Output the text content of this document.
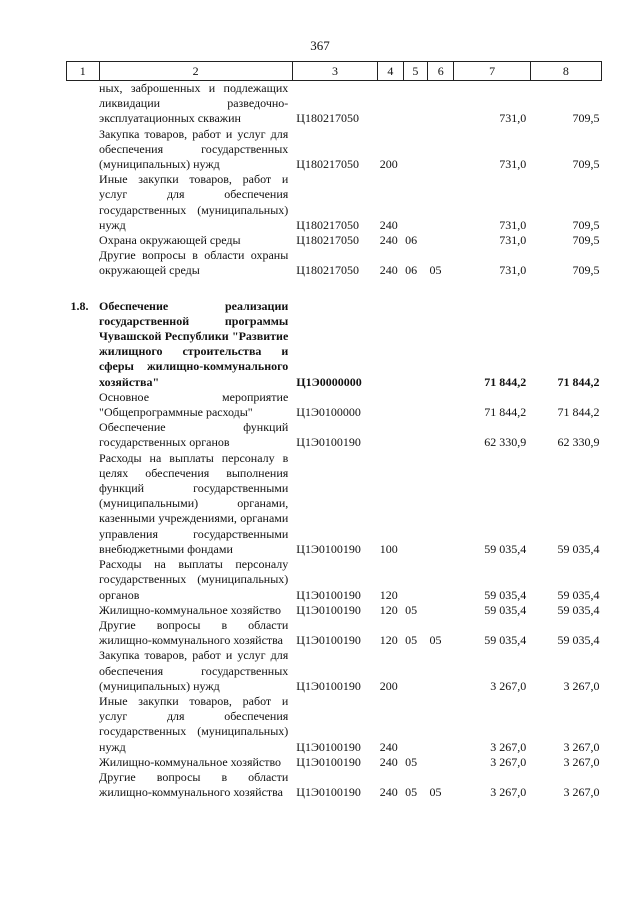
367
1	2	3	4	5	6	7	8
	ных, заброшенных и подлежащих ликвидации разведочно-эксплуатационных скважин	Ц180217050				731,0	709,5
	Закупка товаров, работ и услуг для обеспечения государственных (муниципальных) нужд	Ц180217050	200			731,0	709,5
	Иные закупки товаров, работ и услуг для обеспечения государственных (муниципальных) нужд	Ц180217050	240			731,0	709,5
	Охрана окружающей среды	Ц180217050	240	06		731,0	709,5
	Другие вопросы в области охраны окружающей среды	Ц180217050	240	06	05	731,0	709,5

1.8.	Обеспечение реализации государственной программы Чувашской Республики "Развитие жилищного строительства и сферы жилищно-коммунального хозяйства"	Ц1Э0000000				71 844,2	71 844,2
	Основное мероприятие "Общепрограммные расходы"	Ц1Э0100000				71 844,2	71 844,2
	Обеспечение функций государственных органов	Ц1Э0100190				62 330,9	62 330,9
	Расходы на выплаты персоналу в целях обеспечения выполнения функций государственными (муниципальными) органами, казенными учреждениями, органами управления государственными внебюджетными фондами	Ц1Э0100190	100			59 035,4	59 035,4
	Расходы на выплаты персоналу государственных (муниципальных) органов	Ц1Э0100190	120			59 035,4	59 035,4
	Жилищно-коммунальное хозяйство	Ц1Э0100190	120	05		59 035,4	59 035,4
	Другие вопросы в области жилищно-коммунального хозяйства	Ц1Э0100190	120	05	05	59 035,4	59 035,4
	Закупка товаров, работ и услуг для обеспечения государственных (муниципальных) нужд	Ц1Э0100190	200			3 267,0	3 267,0
	Иные закупки товаров, работ и услуг для обеспечения государственных (муниципальных) нужд	Ц1Э0100190	240			3 267,0	3 267,0
	Жилищно-коммунальное хозяйство	Ц1Э0100190	240	05		3 267,0	3 267,0
	Другие вопросы в области жилищно-коммунального хозяйства	Ц1Э0100190	240	05	05	3 267,0	3 267,0
